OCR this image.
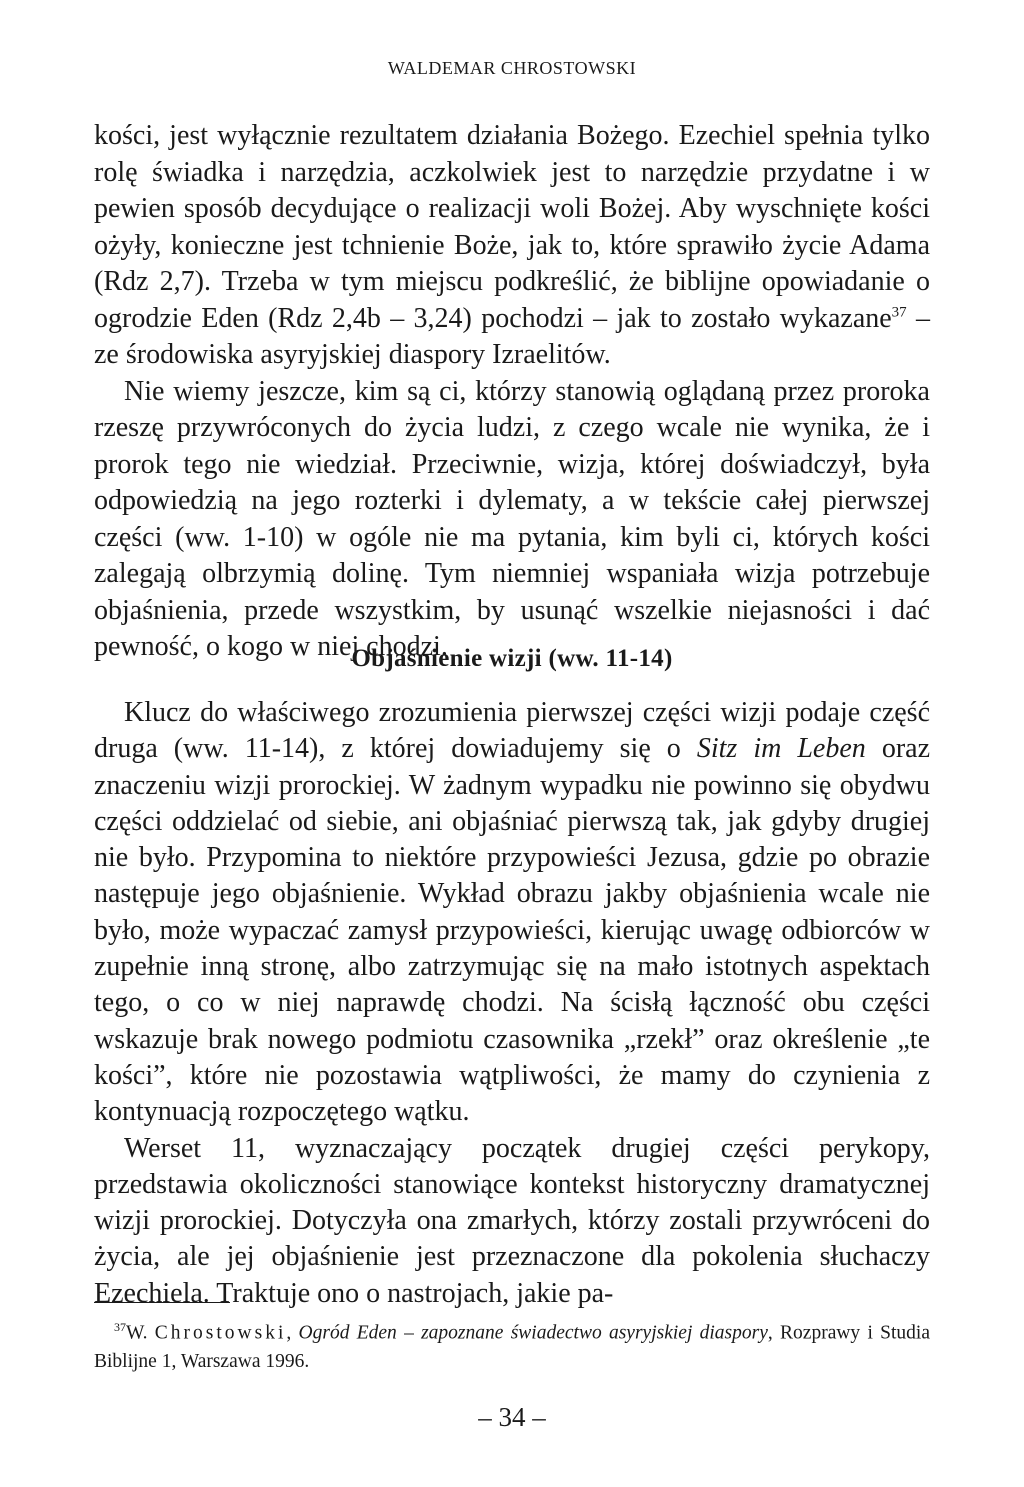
WALDEMAR CHROSTOWSKI

kości, jest wyłącznie rezultatem działania Bożego. Ezechiel spełnia tylko rolę świadka i narzędzia, aczkolwiek jest to narzędzie przydatne i w pewien sposób decydujące o realizacji woli Bożej. Aby wyschnięte kości ożyły, konieczne jest tchnienie Boże, jak to, które sprawiło życie Adama (Rdz 2,7). Trzeba w tym miejscu podkreślić, że biblijne opowiadanie o ogrodzie Eden (Rdz 2,4b – 3,24) pochodzi – jak to zostało wykazane$^{37}$ – ze środowiska asyryjskiej diaspory Izraelitów.

Nie wiemy jeszcze, kim są ci, którzy stanowią oglądaną przez proroka rzeszę przywróconych do życia ludzi, z czego wcale nie wynika, że i prorok tego nie wiedział. Przeciwnie, wizja, której doświadczył, była odpowiedzią na jego rozterki i dylematy, a w tekście całej pierwszej części (ww. 1-10) w ogóle nie ma pytania, kim byli ci, których kości zalegają olbrzymią dolinę. Tym niemniej wspaniała wizja potrzebuje objaśnienia, przede wszystkim, by usunąć wszelkie niejasności i dać pewność, o kogo w niej chodzi.

Objaśnienie wizji (ww. 11-14)

Klucz do właściwego zrozumienia pierwszej części wizji podaje część druga (ww. 11-14), z której dowiadujemy się o Sitz im Leben oraz znaczeniu wizji prorockiej. W żadnym wypadku nie powinno się obydwu części oddzielać od siebie, ani objaśniać pierwszą tak, jak gdyby drugiej nie było. Przypomina to niektóre przypowieści Jezusa, gdzie po obrazie następuje jego objaśnienie. Wykład obrazu jakby objaśnienia wcale nie było, może wypaczać zamysł przypowieści, kierując uwagę odbiorców w zupełnie inną stronę, albo zatrzymując się na mało istotnych aspektach tego, o co w niej naprawdę chodzi. Na ścisłą łączność obu części wskazuje brak nowego podmiotu czasownika „rzekł” oraz określenie „te kości”, które nie pozostawia wątpliwości, że mamy do czynienia z kontynuacją rozpoczętego wątku.

Werset 11, wyznaczający początek drugiej części perykopy, przedstawia okoliczności stanowiące kontekst historyczny dramatycznej wizji prorockiej. Dotyczyła ona zmarłych, którzy zostali przywróceni do życia, ale jej objaśnienie jest przeznaczone dla pokolenia słuchaczy Ezechiela. Traktuje ono o nastrojach, jakie pa-

$^{37}$W. Chrostowski, Ogród Eden – zapoznane świadectwo asyryjskiej diaspory, Rozprawy i Studia Biblijne 1, Warszawa 1996.
– 34 –
